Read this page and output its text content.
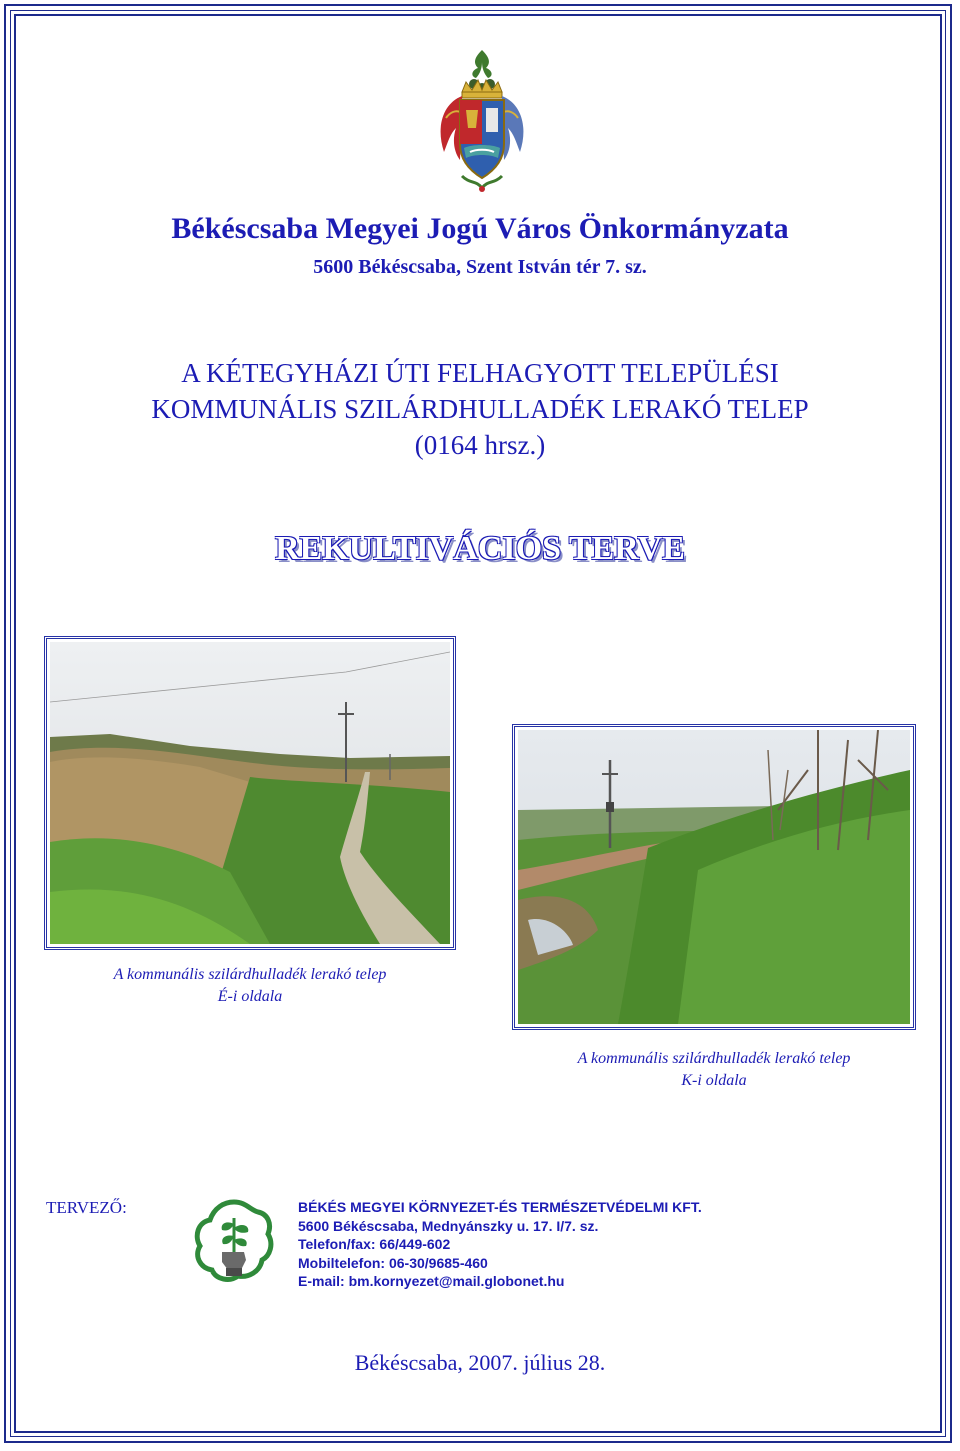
Békéscsaba Megyei Jogú Város Önkormányzata
5600 Békéscsaba, Szent István tér 7. sz.
A KÉTEGYHÁZI ÚTI FELHAGYOTT TELEPÜLÉSI
KOMMUNÁLIS SZILÁRDHULLADÉK LERAKÓ TELEP
(0164 hrsz.)
REKULTIVÁCIÓS TERVE
A kommunális szilárdhulladék lerakó telep
É-i oldala
A kommunális szilárdhulladék lerakó telep
K-i oldala
TERVEZŐ:	BÉKÉS MEGYEI KÖRNYEZET-ÉS TERMÉSZETVÉDELMI KFT.
5600 Békéscsaba, Mednyánszky u. 17. I/7. sz.
Telefon/fax: 66/449-602
Mobiltelefon: 06-30/9685-460
E-mail: bm.kornyezet@mail.globonet.hu
Békéscsaba, 2007. július 28.
